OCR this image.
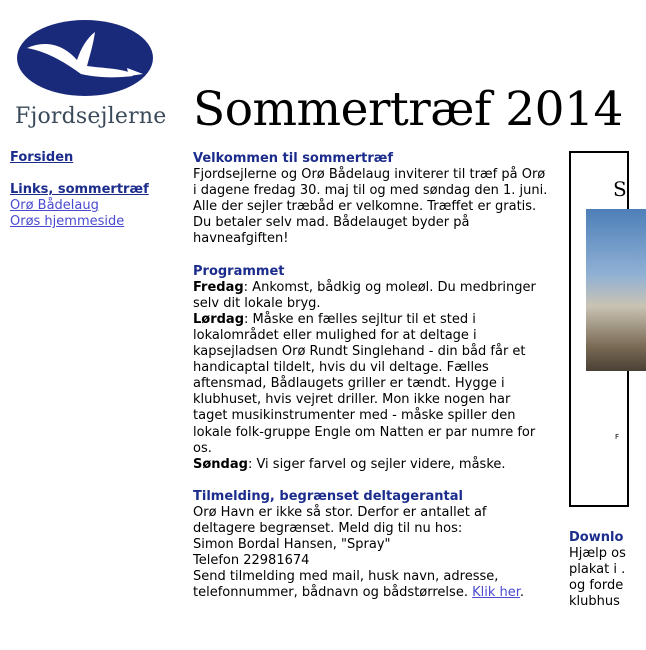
Fjordsejlerne
Forsiden
Links, sommertræf
Orø Bådelaug
Orøs hjemmeside
Sommertræf 2014
Velkommen til sommertræf

Fjordsejlerne og Orø Bådelaug inviterer til træf på Orø i dagene fredag 30. maj til og med søndag den 1. juni. Alle der sejler træbåd er velkomne. Træffet er gratis. Du betaler selv mad. Bådelauget byder på havneafgiften!

Programmet

Fredag: Ankomst, bådkig og moleøl. Du medbringer selv dit lokale bryg.

Lørdag: Måske en fælles sejltur til et sted i lokalområdet eller mulighed for at deltage i kapsejladsen Orø Rundt Singlehand - din båd får et handicaptal tildelt, hvis du vil deltage. Fælles aftensmad, Bådlaugets griller er tændt. Hygge i klubhuset, hvis vejret driller. Mon ikke nogen har taget musikinstrumenter med - måske spiller den lokale folk-gruppe Engle om Natten er par numre for os.

Søndag: Vi siger farvel og sejler videre, måske.

Tilmelding, begrænset deltagerantal

Orø Havn er ikke så stor. Derfor er antallet af deltagere begrænset. Meld dig til nu hos:

Simon Bordal Hansen, "Spray"

Telefon 22981674

Send tilmelding med mail, husk navn, adresse, telefonnummer, bådnavn og bådstørrelse. Klik her.

S
F
Downlo

Hjælp os

plakat i .

og forde

klubhus
